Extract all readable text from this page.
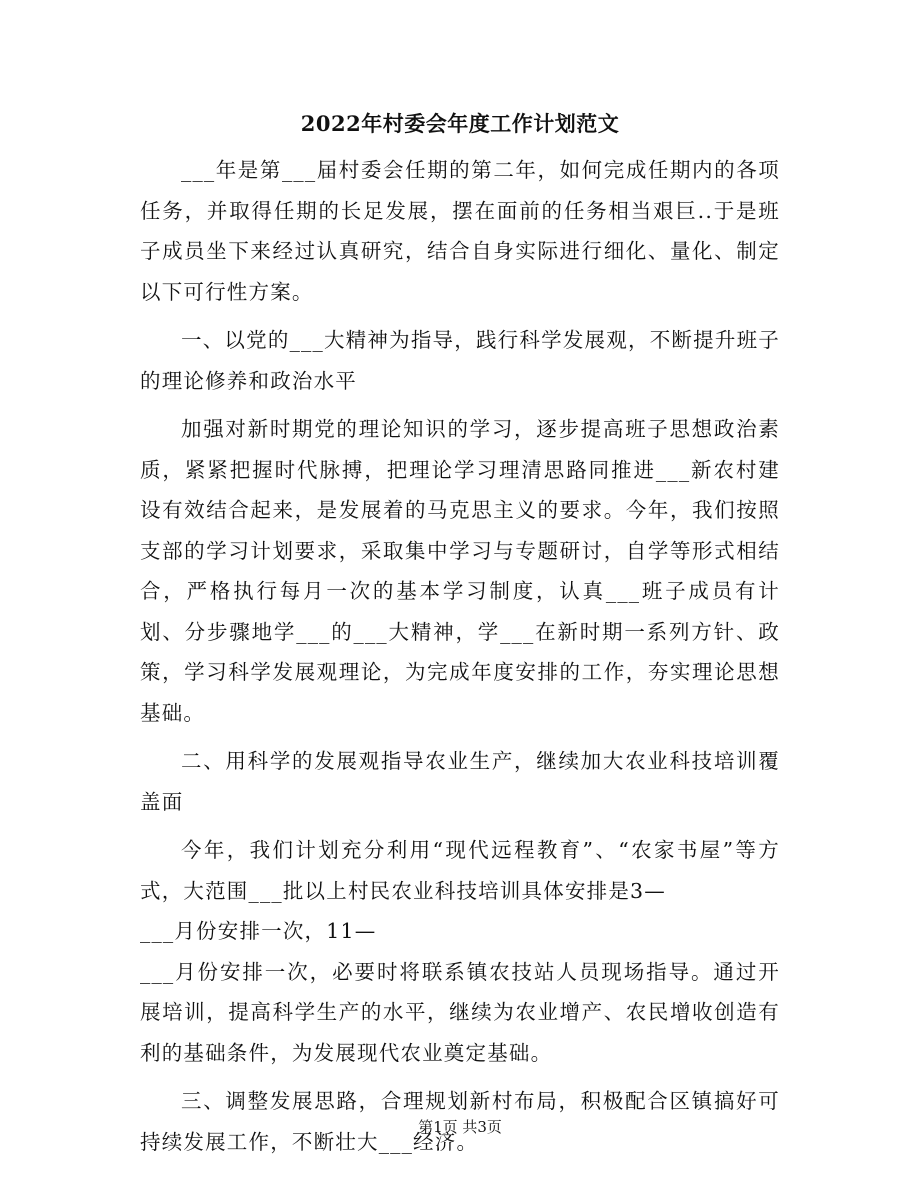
2022年村委会年度工作计划范文

___年是第___届村委会任期的第二年，如何完成任期内的各项任务，并取得任期的长足发展，摆在面前的任务相当艰巨..于是班子成员坐下来经过认真研究，结合自身实际进行细化、量化、制定以下可行性方案。

一、以党的___大精神为指导，践行科学发展观，不断提升班子的理论修养和政治水平

加强对新时期党的理论知识的学习，逐步提高班子思想政治素质，紧紧把握时代脉搏，把理论学习理清思路同推进___新农村建设有效结合起来，是发展着的马克思主义的要求。今年，我们按照支部的学习计划要求，采取集中学习与专题研讨，自学等形式相结合，严格执行每月一次的基本学习制度，认真___班子成员有计划、分步骤地学___的___大精神，学___在新时期一系列方针、政策，学习科学发展观理论，为完成年度安排的工作，夯实理论思想基础。

二、用科学的发展观指导农业生产，继续加大农业科技培训覆盖面

今年，我们计划充分利用“现代远程教育”、“农家书屋”等方式，大范围___批以上村民农业科技培训具体安排是3—

___月份安排一次，11—

___月份安排一次，必要时将联系镇农技站人员现场指导。通过开展培训，提高科学生产的水平，继续为农业增产、农民增收创造有利的基础条件，为发展现代农业奠定基础。

三、调整发展思路，合理规划新村布局，积极配合区镇搞好可持续发展工作，不断壮大___经济。

第1页 共3页
